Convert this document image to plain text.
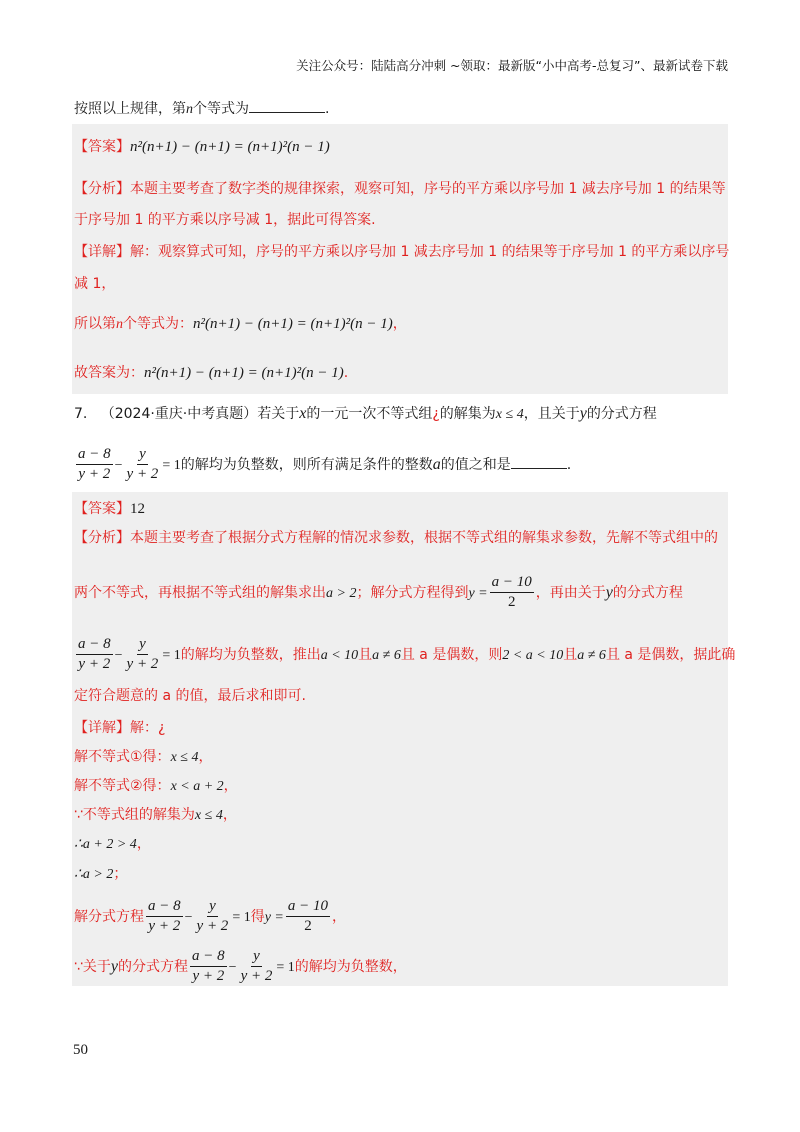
关注公众号：陆陆高分冲刺 ~领取：最新版“小中高考-总复习”、最新试卷下载
按照以上规律，第n个等式为	.
【答案】n²(n+1) − (n+1) = (n+1)²(n − 1)
【分析】本题主要考查了数字类的规律探索，观察可知，序号的平方乘以序号加 1 减去序号加 1 的结果等
于序号加 1 的平方乘以序号减 1，据此可得答案.
【详解】解：观察算式可知，序号的平方乘以序号加 1 减去序号加 1 的结果等于序号加 1 的平方乘以序号
减 1，
所以第n个等式为：n²(n+1) − (n+1) = (n+1)²(n − 1)，
故答案为：n²(n+1) − (n+1) = (n+1)²(n − 1).
7. （2024·重庆·中考真题）若关于x的一元一次不等式组¿的解集为x ≤ 4，且关于y的分式方程
$\frac{a - 8}{y + 2} - \frac{y}{y + 2} = 1$的解均为负整数，则所有满足条件的整数a的值之和是	.
【答案】12
【分析】本题主要考查了根据分式方程解的情况求参数，根据不等式组的解集求参数，先解不等式组中的
两个不等式，再根据不等式组的解集求出a > 2；解分式方程得到$y = \frac{a - 10}{2}$ ，再由关于y的分式方程
$\frac{a - 8}{y + 2} - \frac{y}{y + 2} = 1$的解均为负整数，推出a < 10且a ≠ 6且 a 是偶数，则2 < a < 10且a ≠ 6且 a 是偶数，据此确
定符合题意的 a 的值，最后求和即可.
【详解】解：¿
解不等式①得：x ≤ 4，
解不等式②得：x < a + 2，
∵不等式组的解集为x ≤ 4，
∴a + 2 > 4，
∴a > 2；
解分式方程 $\frac{a - 8}{y + 2} - \frac{y}{y + 2} = 1$得$y = \frac{a - 10}{2}$ ，
∵关于y的分式方程 $\frac{a - 8}{y + 2} - \frac{y}{y + 2} = 1$的解均为负整数，
50
